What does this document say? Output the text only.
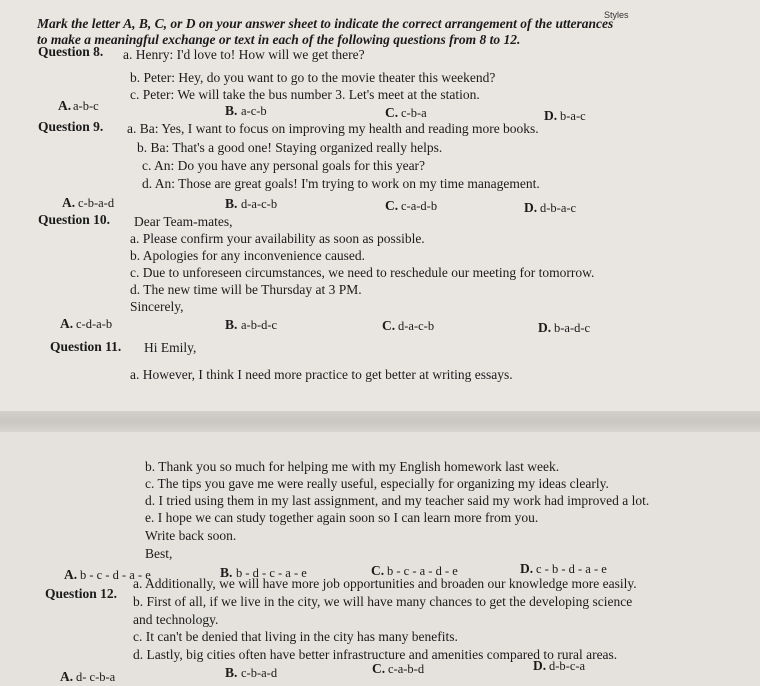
Styles
Mark the letter A, B, C, or D on your answer sheet to indicate the correct arrangement of the utterances
to make a meaningful exchange or text in each of the following questions from 8 to 12.
Question 8. a. Henry: I'd love to! How will we get there?
b. Peter: Hey, do you want to go to the movie theater this weekend?
c. Peter: We will take the bus number 3. Let's meet at the station.
A. a-b-c	B. a-c-b	C. c-b-a	D. b-a-c
Question 9. a. Ba: Yes, I want to focus on improving my health and reading more books.
b. Ba: That's a good one! Staying organized really helps.
c. An: Do you have any personal goals for this year?
d. An: Those are great goals! I'm trying to work on my time management.
A. c-b-a-d	B. d-a-c-b	C. c-a-d-b	D. d-b-a-c
Question 10. Dear Team-mates,
a. Please confirm your availability as soon as possible.
b. Apologies for any inconvenience caused.
c. Due to unforeseen circumstances, we need to reschedule our meeting for tomorrow.
d. The new time will be Thursday at 3 PM.
Sincerely,
A. c-d-a-b	B. a-b-d-c	C. d-a-c-b	D. b-a-d-c
Question 11. Hi Emily,
a. However, I think I need more practice to get better at writing essays.
b. Thank you so much for helping me with my English homework last week.
c. The tips you gave me were really useful, especially for organizing my ideas clearly.
d. I tried using them in my last assignment, and my teacher said my work had improved a lot.
e. I hope we can study together again soon so I can learn more from you.
Write back soon.
Best,
A. b - c - d - a - e	B. b - d - c - a - e	C. b - c - a - d - e	D. c - b - d - a - e
Question 12.
a. Additionally, we will have more job opportunities and broaden our knowledge more easily.
b. First of all, if we live in the city, we will have many chances to get the developing science
and technology.
c. It can't be denied that living in the city has many benefits.
d. Lastly, big cities often have better infrastructure and amenities compared to rural areas.
A. d- c-b-a	B. c-b-a-d	C. c-a-b-d	D. d-b-c-a
